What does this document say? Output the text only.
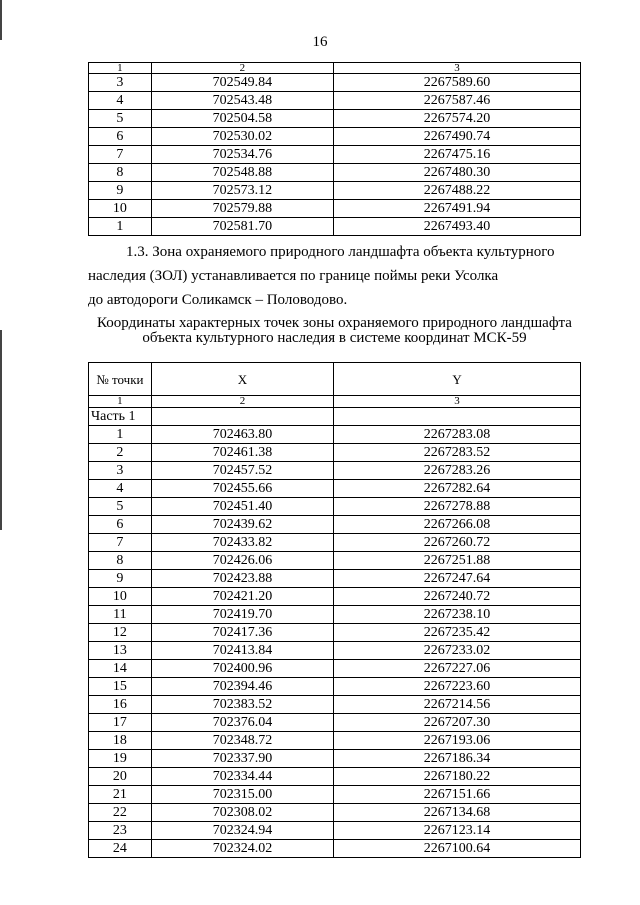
16
1	2	3
3	702549.84	2267589.60
4	702543.48	2267587.46
5	702504.58	2267574.20
6	702530.02	2267490.74
7	702534.76	2267475.16
8	702548.88	2267480.30
9	702573.12	2267488.22
10	702579.88	2267491.94
1	702581.70	2267493.40
1.3. Зона охраняемого природного ландшафта объекта культурного
наследия (ЗОЛ) устанавливается по границе поймы реки Усолка
до автодороги Соликамск – Половодово.
Координаты характерных точек зоны охраняемого природного ландшафта
объекта культурного наследия в системе координат МСК-59
№ точки	X	Y
1	2	3
Часть 1		
1	702463.80	2267283.08
2	702461.38	2267283.52
3	702457.52	2267283.26
4	702455.66	2267282.64
5	702451.40	2267278.88
6	702439.62	2267266.08
7	702433.82	2267260.72
8	702426.06	2267251.88
9	702423.88	2267247.64
10	702421.20	2267240.72
11	702419.70	2267238.10
12	702417.36	2267235.42
13	702413.84	2267233.02
14	702400.96	2267227.06
15	702394.46	2267223.60
16	702383.52	2267214.56
17	702376.04	2267207.30
18	702348.72	2267193.06
19	702337.90	2267186.34
20	702334.44	2267180.22
21	702315.00	2267151.66
22	702308.02	2267134.68
23	702324.94	2267123.14
24	702324.02	2267100.64
